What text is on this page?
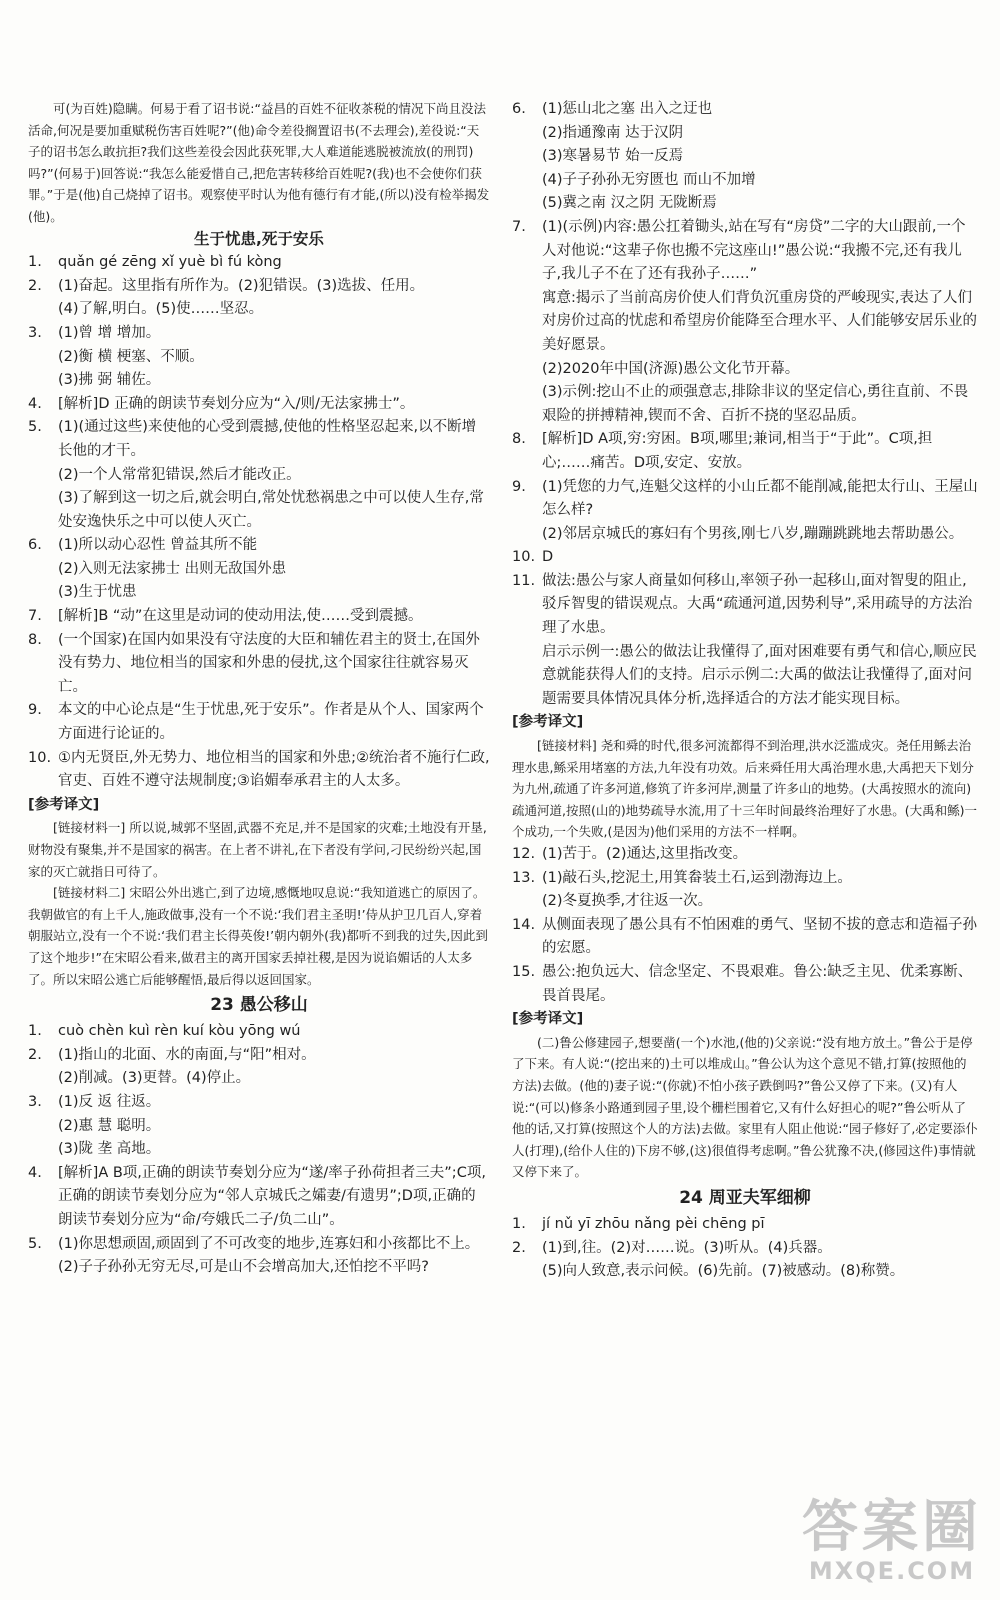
可(为百姓)隐瞒。何易于看了诏书说:“益昌的百姓不征收茶税的情况下尚且没法活命,何况是要加重赋税伤害百姓呢?”(他)命令差役搁置诏书(不去理会),差役说:“天子的诏书怎么敢抗拒?我们这些差役会因此获死罪,大人难道能逃脱被流放(的刑罚)吗?”(何易于)回答说:“我怎么能爱惜自己,把危害转移给百姓呢?(我)也不会使你们获罪。”于是(他)自己烧掉了诏书。观察使平时认为他有德行有才能,(所以)没有检举揭发(他)。

生于忧患,死于安乐

1. quǎn gé zēng xǐ yuè bì fú kòng

2. (1)奋起。这里指有所作为。(2)犯错误。(3)选拔、任用。

(4)了解,明白。(5)使……坚忍。

3. (1)曾 增 增加。

(2)衡 横 梗塞、不顺。

(3)拂 弼 辅佐。

4. [解析]D 正确的朗读节奏划分应为“入/则/无法家拂士”。

5. (1)(通过这些)来使他的心受到震撼,使他的性格坚忍起来,以不断增长他的才干。

(2)一个人常常犯错误,然后才能改正。

(3)了解到这一切之后,就会明白,常处忧愁祸患之中可以使人生存,常处安逸快乐之中可以使人灭亡。

6. (1)所以动心忍性 曾益其所不能

(2)入则无法家拂士 出则无敌国外患

(3)生于忧患

7. [解析]B “动”在这里是动词的使动用法,使……受到震撼。

8. (一个国家)在国内如果没有守法度的大臣和辅佐君主的贤士,在国外没有势力、地位相当的国家和外患的侵扰,这个国家往往就容易灭亡。

9. 本文的中心论点是“生于忧患,死于安乐”。作者是从个人、国家两个方面进行论证的。

10. ①内无贤臣,外无势力、地位相当的国家和外患;②统治者不施行仁政,官吏、百姓不遵守法规制度;③谄媚奉承君主的人太多。

[参考译文]

[链接材料一] 所以说,城郭不坚固,武器不充足,并不是国家的灾难;土地没有开垦,财物没有聚集,并不是国家的祸害。在上者不讲礼,在下者没有学问,刁民纷纷兴起,国家的灭亡就指日可待了。

[链接材料二] 宋昭公外出逃亡,到了边境,感慨地叹息说:“我知道逃亡的原因了。我朝做官的有上千人,施政做事,没有一个不说:‘我们君主圣明!’侍从护卫几百人,穿着朝服站立,没有一个不说:‘我们君主长得英俊!’朝内朝外(我)都听不到我的过失,因此到了这个地步!”在宋昭公看来,做君主的离开国家丢掉社稷,是因为说谄媚话的人太多了。所以宋昭公逃亡后能够醒悟,最后得以返回国家。

23 愚公移山

1. cuò chèn kuì rèn kuí kòu yōng wú

2. (1)指山的北面、水的南面,与“阳”相对。

(2)削减。(3)更替。(4)停止。

3. (1)反 返 往返。

(2)惠 慧 聪明。

(3)陇 垄 高地。

4. [解析]A B项,正确的朗读节奏划分应为“遂/率子孙荷担者三夫”;C项,正确的朗读节奏划分应为“邻人京城氏之孀妻/有遗男”;D项,正确的朗读节奏划分应为“命/夸娥氏二子/负二山”。

5. (1)你思想顽固,顽固到了不可改变的地步,连寡妇和小孩都比不上。

(2)子子孙孙无穷无尽,可是山不会增高加大,还怕挖不平吗?

6. (1)惩山北之塞 出入之迂也

(2)指通豫南 达于汉阴

(3)寒暑易节 始一反焉

(4)子子孙孙无穷匮也 而山不加增

(5)冀之南 汉之阴 无陇断焉

7. (1)(示例)内容:愚公扛着锄头,站在写有“房贷”二字的大山跟前,一个人对他说:“这辈子你也搬不完这座山!”愚公说:“我搬不完,还有我儿子,我儿子不在了还有我孙子……”

寓意:揭示了当前高房价使人们背负沉重房贷的严峻现实,表达了人们对房价过高的忧虑和希望房价能降至合理水平、人们能够安居乐业的美好愿景。

(2)2020年中国(济源)愚公文化节开幕。

(3)示例:挖山不止的顽强意志,排除非议的坚定信心,勇往直前、不畏艰险的拼搏精神,锲而不舍、百折不挠的坚忍品质。

8. [解析]D A项,穷:穷困。B项,哪里;兼词,相当于“于此”。C项,担心;……痛苦。D项,安定、安放。

9. (1)凭您的力气,连魁父这样的小山丘都不能削减,能把太行山、王屋山怎么样?

(2)邻居京城氏的寡妇有个男孩,刚七八岁,蹦蹦跳跳地去帮助愚公。

10. D

11. 做法:愚公与家人商量如何移山,率领子孙一起移山,面对智叟的阻止,驳斥智叟的错误观点。大禹“疏通河道,因势利导”,采用疏导的方法治理了水患。

启示示例一:愚公的做法让我懂得了,面对困难要有勇气和信心,顺应民意就能获得人们的支持。启示示例二:大禹的做法让我懂得了,面对问题需要具体情况具体分析,选择适合的方法才能实现目标。

[参考译文]

[链接材料] 尧和舜的时代,很多河流都得不到治理,洪水泛滥成灾。尧任用鲧去治理水患,鲧采用堵塞的方法,九年没有功效。后来舜任用大禹治理水患,大禹把天下划分为九州,疏通了许多河道,修筑了许多河岸,测量了许多山的地势。(大禹按照水的流向)疏通河道,按照(山的)地势疏导水流,用了十三年时间最终治理好了水患。(大禹和鲧)一个成功,一个失败,(是因为)他们采用的方法不一样啊。

12. (1)苦于。(2)通达,这里指改变。

13. (1)敲石头,挖泥土,用箕畚装土石,运到渤海边上。

(2)冬夏换季,才往返一次。

14. 从侧面表现了愚公具有不怕困难的勇气、坚韧不拔的意志和造福子孙的宏愿。

15. 愚公:抱负远大、信念坚定、不畏艰难。鲁公:缺乏主见、优柔寡断、畏首畏尾。

[参考译文]

(二)鲁公修建园子,想要凿(一个)水池,(他的)父亲说:“没有地方放土。”鲁公于是停了下来。有人说:“(挖出来的)土可以堆成山。”鲁公认为这个意见不错,打算(按照他的方法)去做。(他的)妻子说:“(你就)不怕小孩子跌倒吗?”鲁公又停了下来。(又)有人说:“(可以)修条小路通到园子里,设个栅栏围着它,又有什么好担心的呢?”鲁公听从了他的话,又打算(按照这个人的方法)去做。家里有人阻止他说:“园子修好了,必定要添仆人(打理),(给仆人住的)下房不够,(这)很值得考虑啊。”鲁公犹豫不决,(修园这件)事情就又停下来了。

24 周亚夫军细柳

1. jí nǔ yī zhōu nǎng pèi chēng pī

2. (1)到,往。(2)对……说。(3)听从。(4)兵器。

(5)向人致意,表示问候。(6)先前。(7)被感动。(8)称赞。

答案圈
MXQE.COM
